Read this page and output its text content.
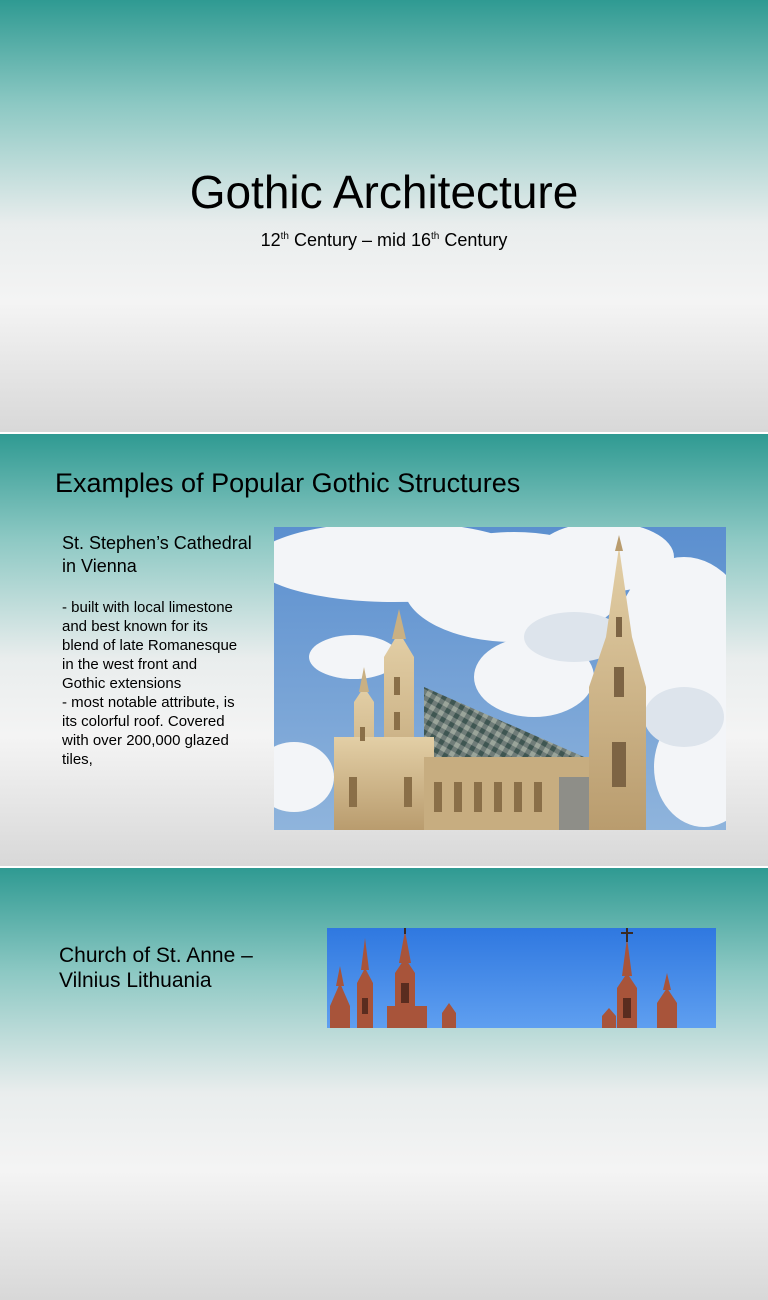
Gothic Architecture
12th Century – mid 16th Century
Examples of Popular Gothic Structures
St. Stephen’s Cathedral in Vienna
- built with local limestone and best known for its blend of late Romanesque in the west front and Gothic extensions
- most notable attribute, is its colorful roof. Covered with over 200,000 glazed tiles,
Church of St. Anne – Vilnius Lithuania
